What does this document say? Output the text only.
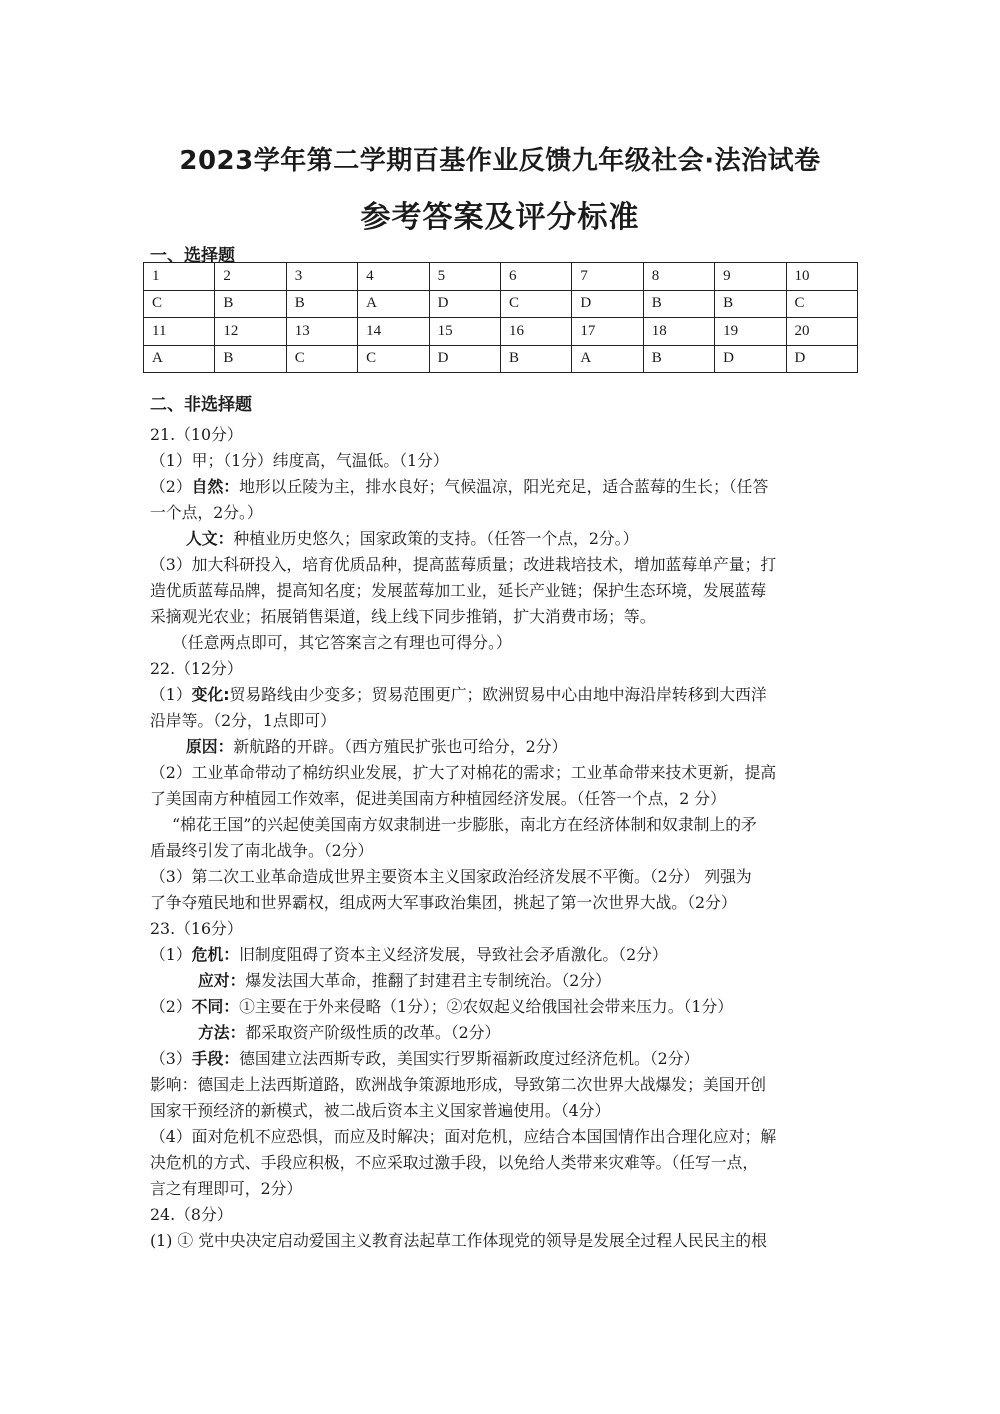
2023学年第二学期百基作业反馈九年级社会·法治试卷
参考答案及评分标准
一、选择题
1	2	3	4	5	6	7	8	9	10
C	B	B	A	D	C	D	B	B	C
11	12	13	14	15	16	17	18	19	20
A	B	C	C	D	B	A	B	D	D
二、非选择题
21.（10分）
（1）甲；（1分）纬度高，气温低。（1分）
（2）自然：地形以丘陵为主，排水良好；气候温凉，阳光充足，适合蓝莓的生长；（任答
一个点，2分。）
人文：种植业历史悠久；国家政策的支持。（任答一个点，2分。）
（3）加大科研投入，培育优质品种，提高蓝莓质量；改进栽培技术，增加蓝莓单产量；打
造优质蓝莓品牌，提高知名度；发展蓝莓加工业，延长产业链；保护生态环境，发展蓝莓
采摘观光农业；拓展销售渠道，线上线下同步推销，扩大消费市场；等。
（任意两点即可，其它答案言之有理也可得分。）
22.（12分）
（1）变化:贸易路线由少变多；贸易范围更广；欧洲贸易中心由地中海沿岸转移到大西洋
沿岸等。（2分，1点即可）
原因：新航路的开辟。（西方殖民扩张也可给分，2分）
（2）工业革命带动了棉纺织业发展，扩大了对棉花的需求；工业革命带来技术更新，提高
了美国南方种植园工作效率，促进美国南方种植园经济发展。（任答一个点，2 分）
“棉花王国”的兴起使美国南方奴隶制进一步膨胀，南北方在经济体制和奴隶制上的矛
盾最终引发了南北战争。（2分）
（3）第二次工业革命造成世界主要资本主义国家政治经济发展不平衡。（2分） 列强为
了争夺殖民地和世界霸权，组成两大军事政治集团，挑起了第一次世界大战。（2分）
23.（16分）
（1）危机：旧制度阻碍了资本主义经济发展，导致社会矛盾激化。（2分）
应对：爆发法国大革命，推翻了封建君主专制统治。（2分）
（2）不同：①主要在于外来侵略（1分）；②农奴起义给俄国社会带来压力。（1分）
方法：都采取资产阶级性质的改革。（2分）
（3）手段：德国建立法西斯专政，美国实行罗斯福新政度过经济危机。（2分）
影响：德国走上法西斯道路，欧洲战争策源地形成，导致第二次世界大战爆发；美国开创
国家干预经济的新模式，被二战后资本主义国家普遍使用。（4分）
（4）面对危机不应恐惧，而应及时解决；面对危机，应结合本国国情作出合理化应对；解
决危机的方式、手段应积极，不应采取过激手段，以免给人类带来灾难等。（任写一点，
言之有理即可，2分）
24.（8分）
(1) ① 党中央决定启动爱国主义教育法起草工作体现党的领导是发展全过程人民民主的根
